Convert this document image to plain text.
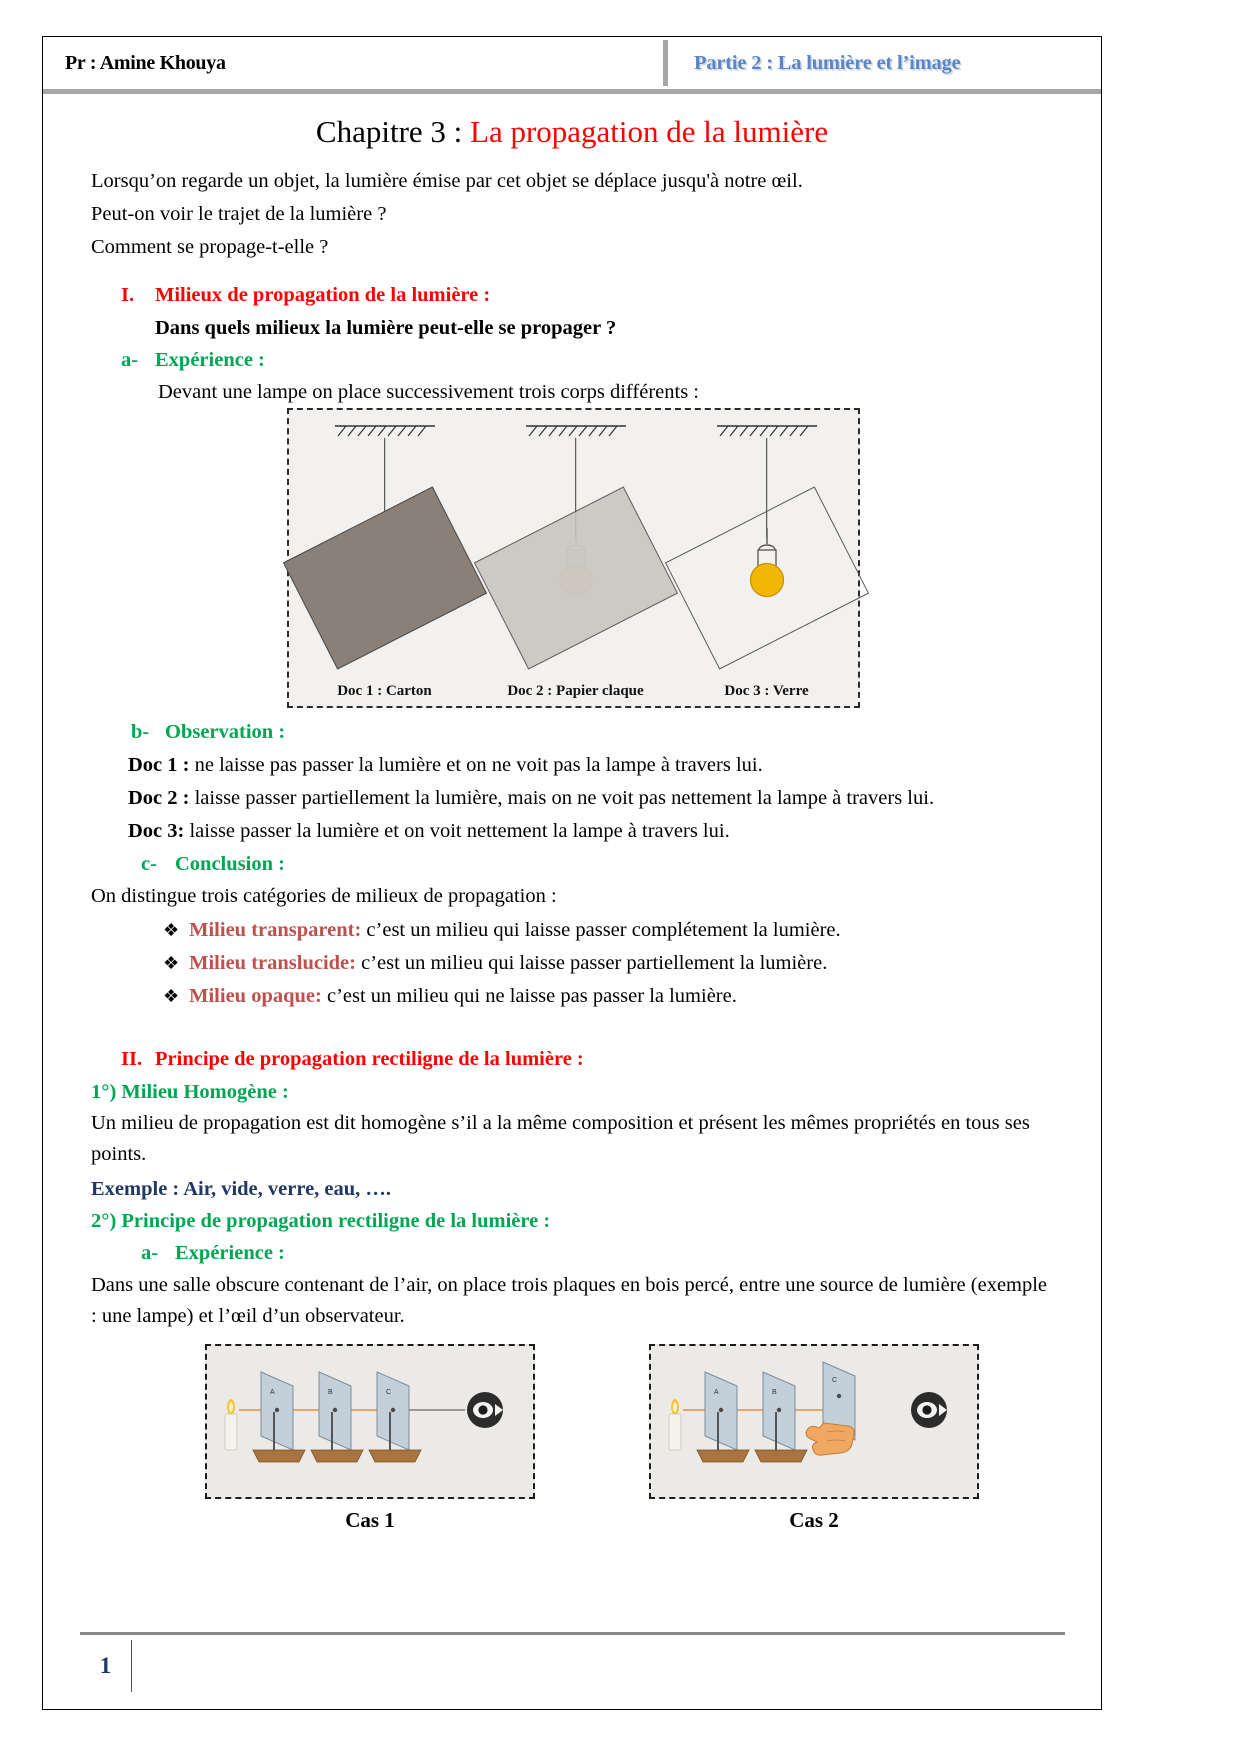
Pr : Amine Khouya	Partie 2 : La lumière et l’image
Chapitre 3 : La propagation de la lumière

Lorsqu’on regarde un objet, la lumière émise par cet objet se déplace jusqu'à notre œil.

Peut-on voir le trajet de la lumière ?

Comment se propage-t-elle ?

I. Milieux de propagation de la lumière :

Dans quels milieux la lumière peut-elle se propager ?

a- Expérience :

Devant une lampe on place successivement trois corps différents :

Doc 1 : Carton	Doc 2 : Papier claque	Doc 3 : Verre

b- Observation :

Doc 1 : ne laisse pas passer la lumière et on ne voit pas la lampe à travers lui.

Doc 2 : laisse passer partiellement la lumière, mais on ne voit pas nettement la lampe à travers lui.

Doc 3: laisse passer la lumière et on voit nettement la lampe à travers lui.

c- Conclusion :

On distingue trois catégories de milieux de propagation :

❖ Milieu transparent: c’est un milieu qui laisse passer complétement la lumière.

❖ Milieu translucide: c’est un milieu qui laisse passer partiellement la lumière.

❖ Milieu opaque: c’est un milieu qui ne laisse pas passer la lumière.

II. Principe de propagation rectiligne de la lumière :

1°) Milieu Homogène :

Un milieu de propagation est dit homogène s’il a la même composition et présent les mêmes propriétés en tous ses points.

Exemple : Air, vide, verre, eau, ….

2°) Principe de propagation rectiligne de la lumière :

a- Expérience :

Dans une salle obscure contenant de l’air, on place trois plaques en bois percé, entre une source de lumière (exemple : une lampe) et l’œil d’un observateur.

A	B	C
Cas 1
A	B
C
Cas 2
1
